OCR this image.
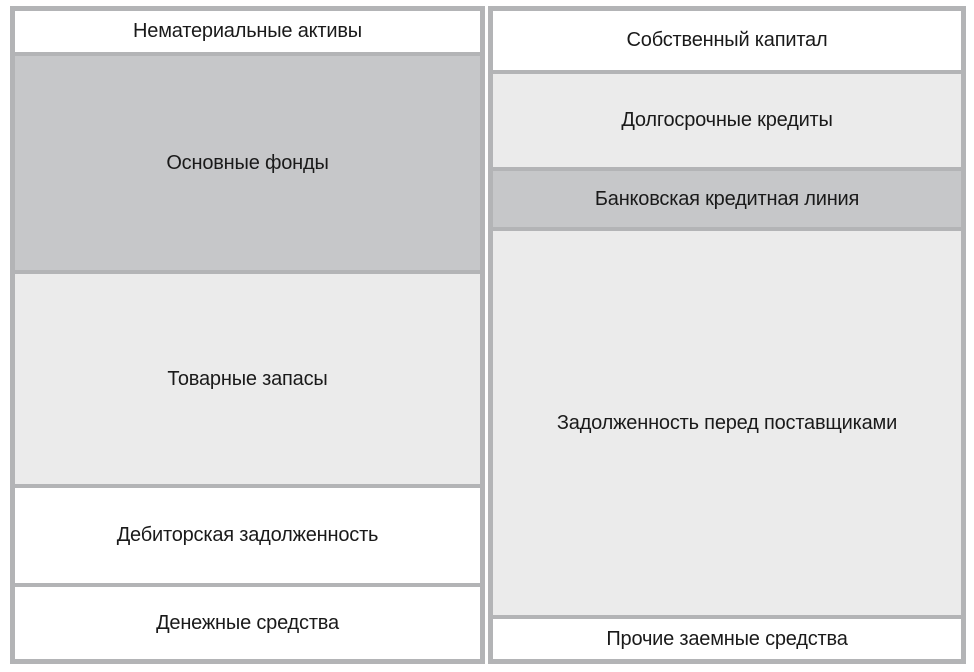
Нематериальные активы
Основные фонды
Товарные запасы
Дебиторская задолженность
Денежные средства
Собственный капитал
Долгосрочные кредиты
Банковская кредитная линия
Задолженность перед поставщиками
Прочие заемные средства
